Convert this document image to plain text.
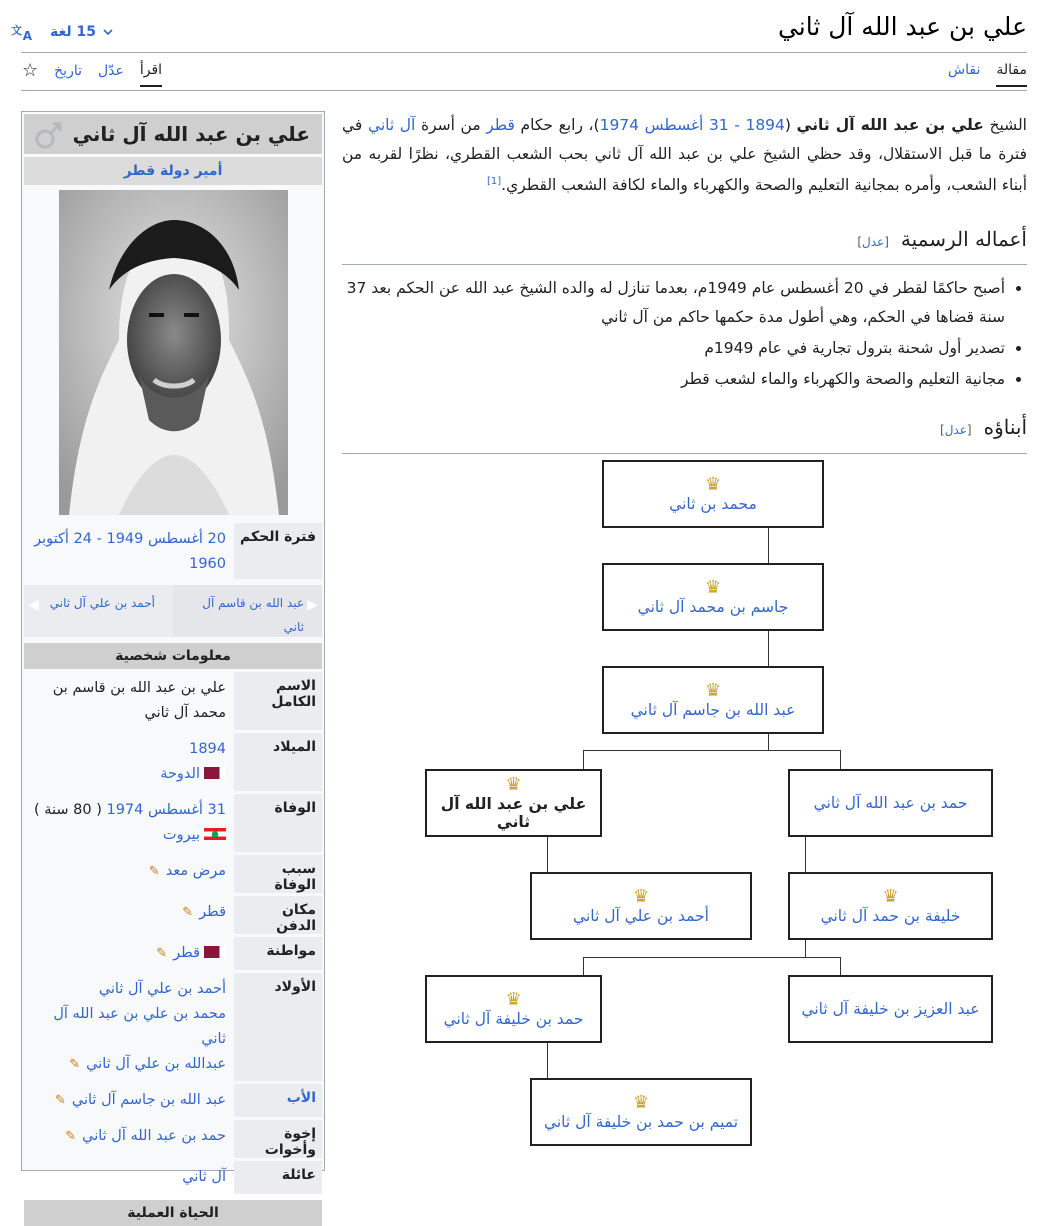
علي بن عبد الله آل ثاني
15 لغة
文 A
مقالة
نقاش
اقرأ
عدّل
تاريخ
☆
علي بن عبد الله آل ثاني
أمير دولة قطر
فترة الحكم
20 أغسطس 1949 - 24 أكتوبر 1960
▶
عبد الله بن قاسم آل ثاني
أحمد بن علي آل ثاني
◀
معلومات شخصية
الاسم الكامل
علي بن عبد الله بن قاسم بن محمد آل ثاني
الميلاد
1894
الدوحة
الوفاة
31 أغسطس 1974 ( 80 سنة )
بيروت
سبب الوفاة
مرض معد✎
مكان الدفن
قطر✎
مواطنة
قطر✎
الأولاد
أحمد بن علي آل ثاني
محمد بن علي بن عبد الله آل ثاني
عبدالله بن علي آل ثاني✎
الأب
عبد الله بن جاسم آل ثاني✎
إخوة وأخوات
حمد بن عبد الله آل ثاني✎
عائلة
آل ثاني
الحياة العملية

الشيخ علي بن عبد الله آل ثاني (1894 - 31 أغسطس 1974)، رابع حكام قطر من أسرة آل ثاني في فترة ما قبل الاستقلال، وقد حظي الشيخ علي بن عبد الله آل ثاني بحب الشعب القطري، نظرًا لقربه من أبناء الشعب، وأمره بمجانية التعليم والصحة والكهرباء والماء لكافة الشعب القطري.[1]

أعماله الرسمية[عدل]
• أصبح حاكمًا لقطر في 20 أغسطس عام 1949م، بعدما تنازل له والده الشيخ عبد الله عن الحكم بعد 37 سنة قضاها في الحكم، وهي أطول مدة حكمها حاكم من آل ثاني
• تصدير أول شحنة بترول تجارية في عام 1949م
• مجانية التعليم والصحة والكهرباء والماء لشعب قطر
أبناؤه[عدل]
♛
محمد بن ثاني
♛
جاسم بن محمد آل ثاني
♛
عبد الله بن جاسم آل ثاني
♛
علي بن عبد الله آل ثاني
حمد بن عبد الله آل ثاني
♛
أحمد بن علي آل ثاني
♛
خليفة بن حمد آل ثاني
♛
حمد بن خليفة آل ثاني
عبد العزيز بن خليفة آل ثاني
♛
تميم بن حمد بن خليفة آل ثاني
